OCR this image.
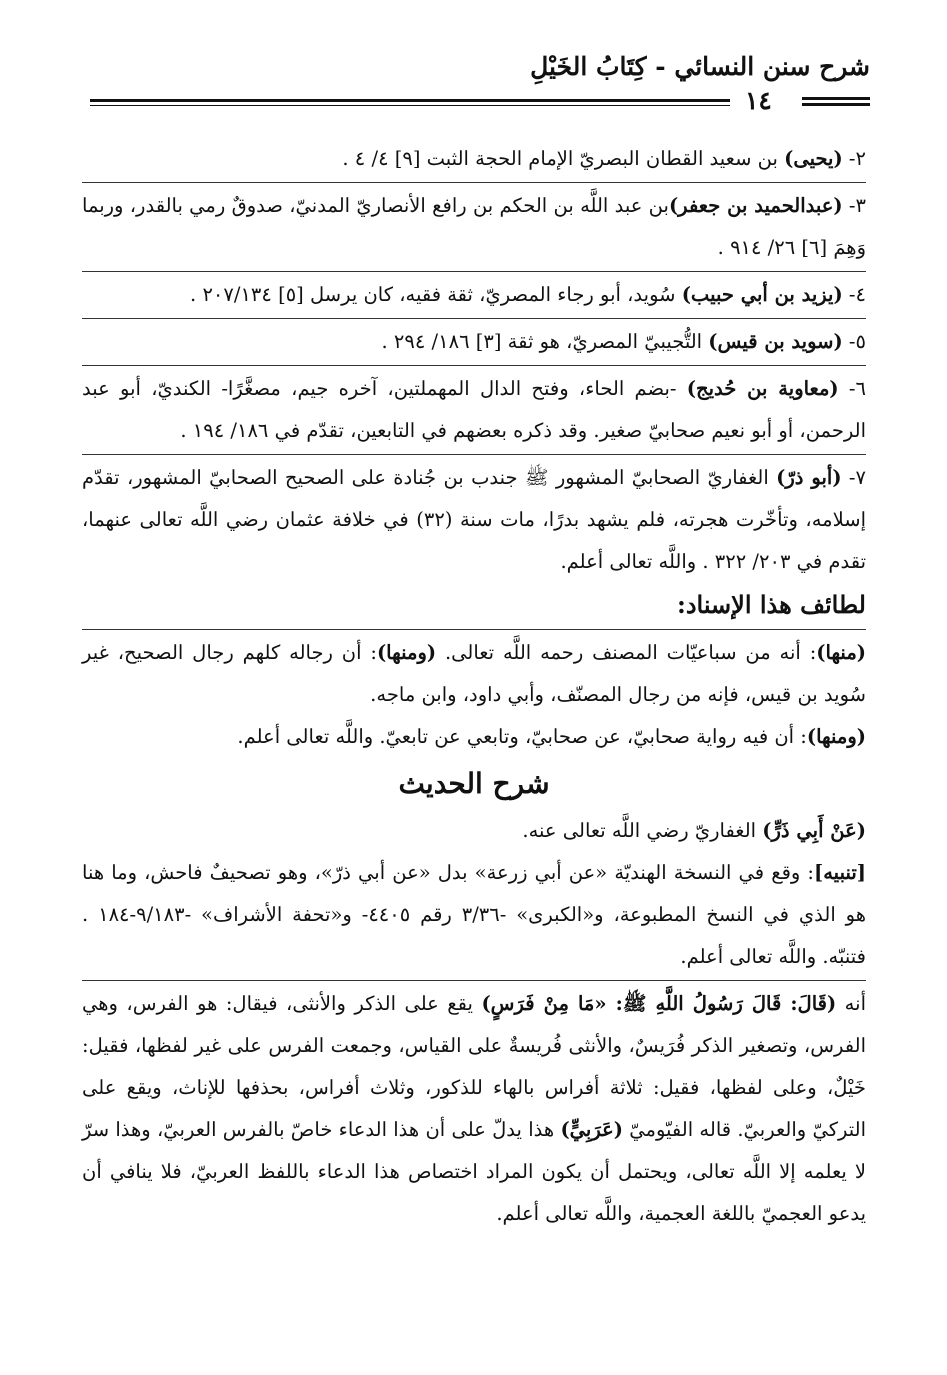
شرح سنن النسائي - كِتَابُ الخَيْلِ
١٤

٢- (يحيى) بن سعيد القطان البصريّ الإمام الحجة الثبت [٩] ٤/ ٤ .

٣- (عبدالحميد بن جعفر)بن عبد اللَّه بن الحكم بن رافع الأنصاريّ المدنيّ، صدوقٌ رمي بالقدر، وربما وَهِمَ [٦] ٢٦/ ٩١٤ .

٤- (يزيد بن أبي حبيب) سُويد، أبو رجاء المصريّ، ثقة فقيه، كان يرسل [٥] ٢٠٧/١٣٤ .

٥- (سويد بن قيس) التُّجيبيّ المصريّ، هو ثقة [٣] ١٨٦/ ٢٩٤ .

٦- (معاوية بن حُديج) -بضم الحاء، وفتح الدال المهملتين، آخره جيم، مصغَّرًا- الكنديّ، أبو عبد الرحمن، أو أبو نعيم صحابيّ صغير. وقد ذكره بعضهم في التابعين، تقدّم في ١٨٦/ ١٩٤ .

٧- (أبو ذرّ) الغفاريّ الصحابيّ المشهور ﷺ جندب بن جُنادة على الصحيح الصحابيّ المشهور، تقدّم إسلامه، وتأخّرت هجرته، فلم يشهد بدرًا، مات سنة (٣٢) في خلافة عثمان رضي اللَّه تعالى عنهما، تقدم في ٢٠٣/ ٣٢٢ . واللَّه تعالى أعلم.

لطائف هذا الإسناد:

(منها): أنه من سباعيّات المصنف رحمه اللَّه تعالى. (ومنها): أن رجاله كلهم رجال الصحيح، غير سُويد بن قيس، فإنه من رجال المصنّف، وأبي داود، وابن ماجه.

(ومنها): أن فيه رواية صحابيّ، عن صحابيّ، وتابعي عن تابعيّ. واللَّه تعالى أعلم.

شرح الحديث

(عَنْ أَبِي ذَرٍّ) الغفاريّ رضي اللَّه تعالى عنه.

[تنبيه]: وقع في النسخة الهنديّة «عن أبي زرعة» بدل «عن أبي ذرّ»، وهو تصحيفٌ فاحش، وما هنا هو الذي في النسخ المطبوعة، و«الكبرى» -٣/٣٦ رقم ٤٤٠٥- و«تحفة الأشراف» -٩/١٨٣-١٨٤ . فتنبّه. واللَّه تعالى أعلم.

أنه (قَالَ: قَالَ رَسُولُ اللَّهِ ﷺ: «مَا مِنْ فَرَسٍ) يقع على الذكر والأنثى، فيقال: هو الفرس، وهي الفرس، وتصغير الذكر فُرَيسٌ، والأنثى فُريسةٌ على القياس، وجمعت الفرس على غير لفظها، فقيل: خَيْلٌ، وعلى لفظها، فقيل: ثلاثة أفراس بالهاء للذكور، وثلاث أفراس، بحذفها للإناث، ويقع على التركيّ والعربيّ. قاله الفيّوميّ (عَرَبِيٍّ) هذا يدلّ على أن هذا الدعاء خاصّ بالفرس العربيّ، وهذا سرّ لا يعلمه إلا اللَّه تعالى، ويحتمل أن يكون المراد اختصاص هذا الدعاء باللفظ العربيّ، فلا ينافي أن يدعو العجميّ باللغة العجمية، واللَّه تعالى أعلم.
